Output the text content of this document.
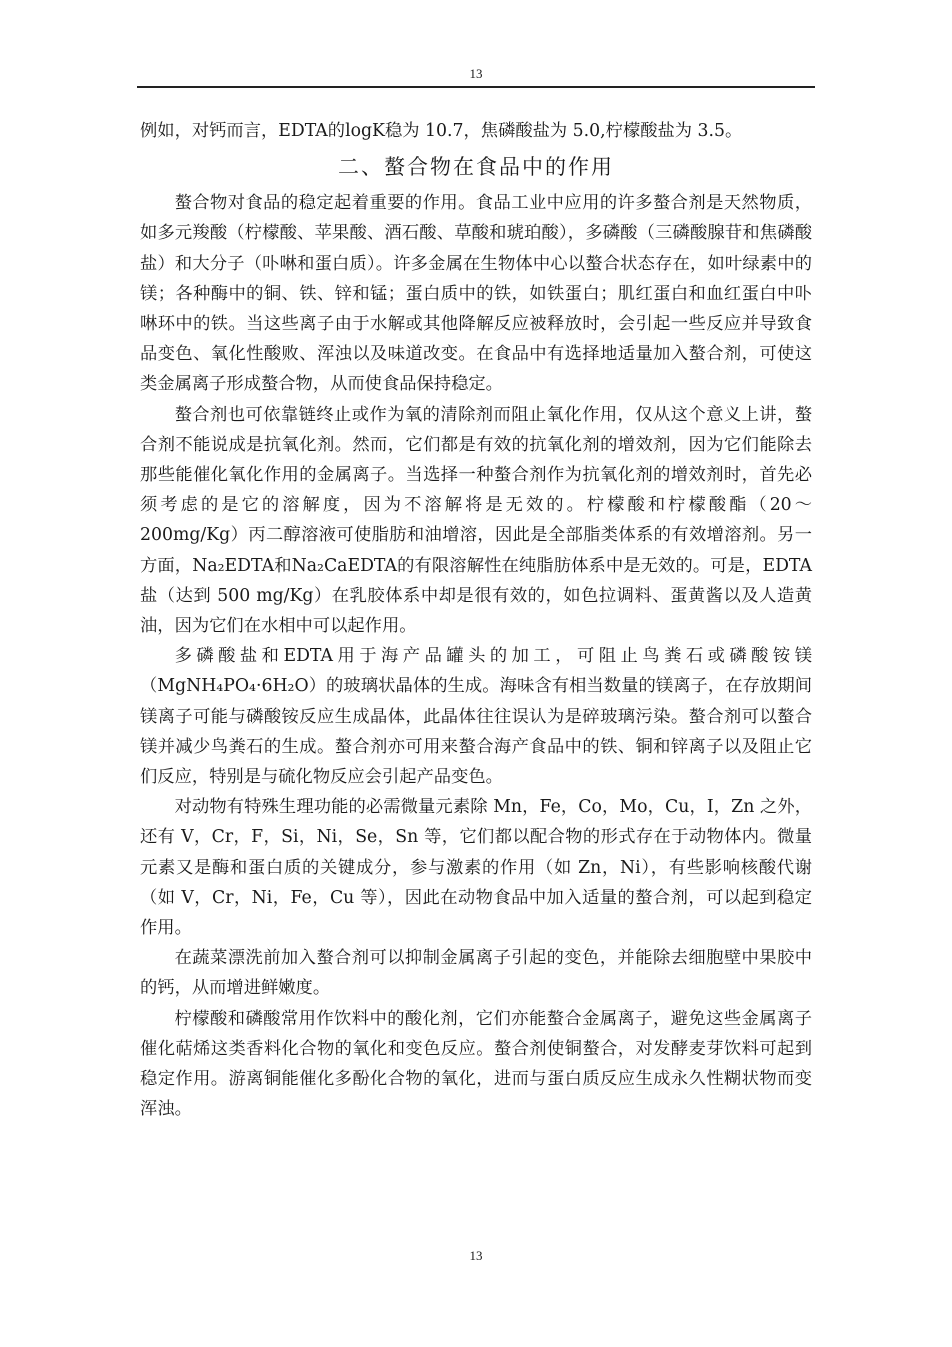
13

例如，对钙而言，EDTA的logK稳为 10.7，焦磷酸盐为 5.0,柠檬酸盐为 3.5。

二、螯合物在食品中的作用

螯合物对食品的稳定起着重要的作用。食品工业中应用的许多螯合剂是天然物质，如多元羧酸（柠檬酸、苹果酸、酒石酸、草酸和琥珀酸），多磷酸（三磷酸腺苷和焦磷酸盐）和大分子（卟啉和蛋白质）。许多金属在生物体中心以螯合状态存在，如叶绿素中的镁；各种酶中的铜、铁、锌和锰；蛋白质中的铁，如铁蛋白；肌红蛋白和血红蛋白中卟啉环中的铁。当这些离子由于水解或其他降解反应被释放时，会引起一些反应并导致食品变色、氧化性酸败、浑浊以及味道改变。在食品中有选择地适量加入螯合剂，可使这类金属离子形成螯合物，从而使食品保持稳定。

螯合剂也可依靠链终止或作为氧的清除剂而阻止氧化作用，仅从这个意义上讲，螯合剂不能说成是抗氧化剂。然而，它们都是有效的抗氧化剂的增效剂，因为它们能除去那些能催化氧化作用的金属离子。当选择一种螯合剂作为抗氧化剂的增效剂时，首先必须考虑的是它的溶解度，因为不溶解将是无效的。柠檬酸和柠檬酸酯（20～200mg/Kg）丙二醇溶液可使脂肪和油增溶，因此是全部脂类体系的有效增溶剂。另一方面，Na₂EDTA和Na₂CaEDTA的有限溶解性在纯脂肪体系中是无效的。可是，EDTA盐（达到 500 mg/Kg）在乳胶体系中却是很有效的，如色拉调料、蛋黄酱以及人造黄油，因为它们在水相中可以起作用。

多磷酸盐和EDTA用于海产品罐头的加工，可阻止鸟粪石或磷酸铵镁（MgNH₄PO₄·6H₂O）的玻璃状晶体的生成。海味含有相当数量的镁离子，在存放期间镁离子可能与磷酸铵反应生成晶体，此晶体往往误认为是碎玻璃污染。螯合剂可以螯合镁并减少鸟粪石的生成。螯合剂亦可用来螯合海产食品中的铁、铜和锌离子以及阻止它们反应，特别是与硫化物反应会引起产品变色。

对动物有特殊生理功能的必需微量元素除 Mn，Fe，Co，Mo，Cu，I，Zn 之外，还有 V，Cr，F，Si，Ni，Se，Sn 等，它们都以配合物的形式存在于动物体内。微量元素又是酶和蛋白质的关键成分，参与激素的作用（如 Zn，Ni），有些影响核酸代谢（如 V，Cr，Ni，Fe，Cu 等），因此在动物食品中加入适量的螯合剂，可以起到稳定作用。

在蔬菜漂洗前加入螯合剂可以抑制金属离子引起的变色，并能除去细胞壁中果胶中的钙，从而增进鲜嫩度。

柠檬酸和磷酸常用作饮料中的酸化剂，它们亦能螯合金属离子，避免这些金属离子催化萜烯这类香料化合物的氧化和变色反应。螯合剂使铜螯合，对发酵麦芽饮料可起到稳定作用。游离铜能催化多酚化合物的氧化，进而与蛋白质反应生成永久性糊状物而变浑浊。

13
